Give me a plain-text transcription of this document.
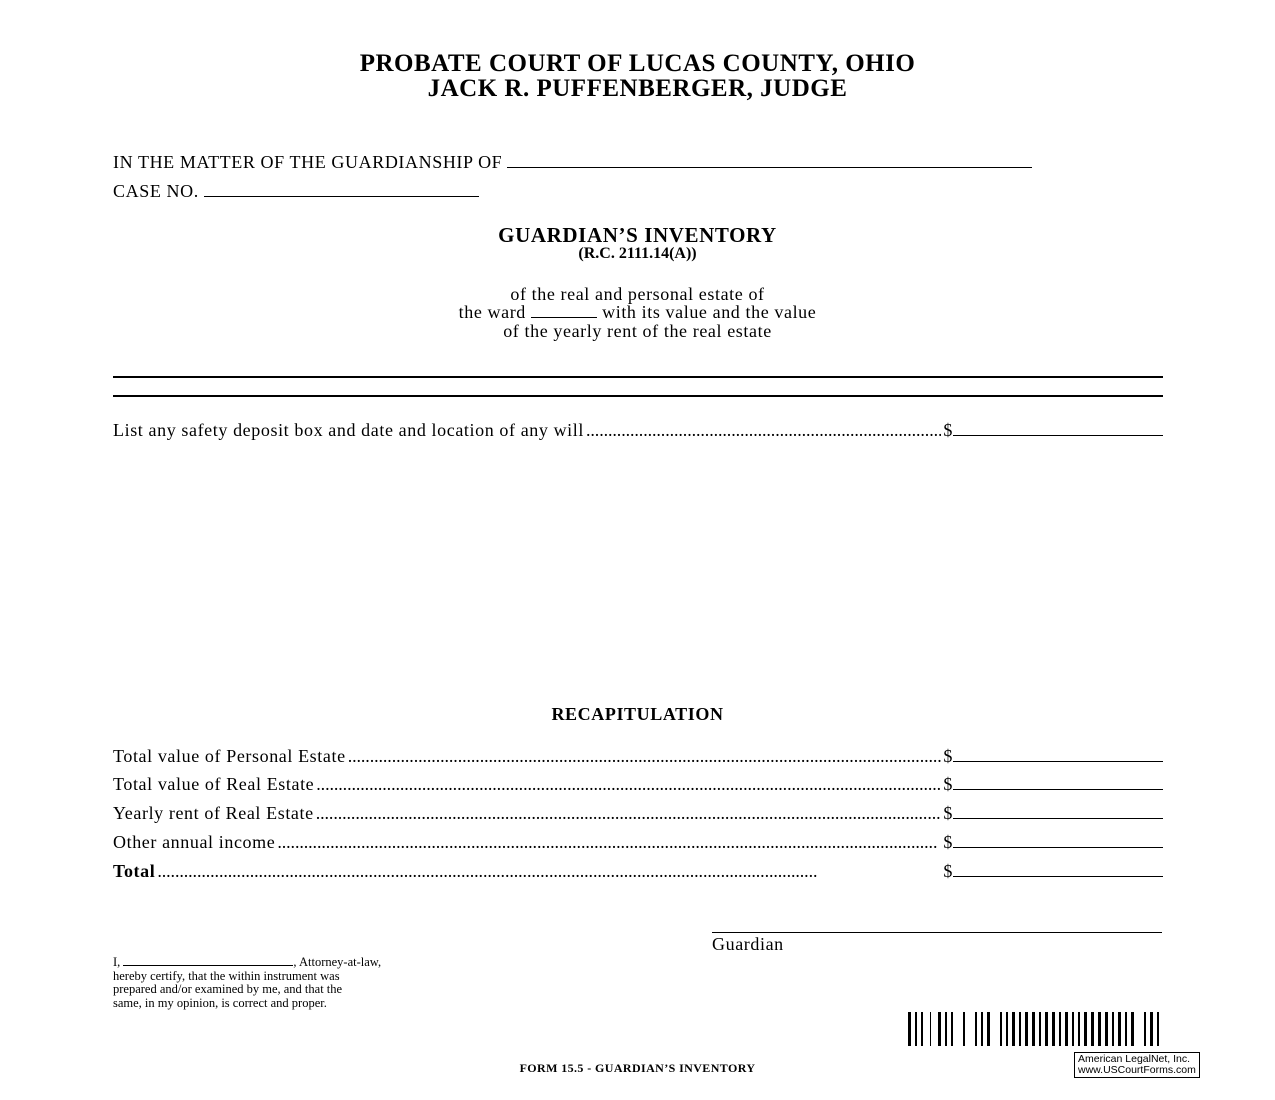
PROBATE COURT OF LUCAS COUNTY, OHIO
JACK R. PUFFENBERGER, JUDGE
IN THE MATTER OF THE GUARDIANSHIP OF
CASE NO.
GUARDIAN’S INVENTORY
(R.C. 2111.14(A))
of the real and personal estate of
the ward	with its value and the value
of the yearly rent of the real estate
List any safety deposit box and date and location of any will . . .	$
RECAPITULATION
Total value of Personal Estate . . .	$
Total value of Real Estate . . .	$
Yearly rent of Real Estate . . .	$
Other annual income . . .	$
Total . . .	$
Guardian
I,	, Attorney-at-law,
hereby certify, that the within instrument was
prepared and/or examined by me, and that the
same, in my opinion, is correct and proper.
FORM 15.5 - GUARDIAN’S INVENTORY
American LegalNet, Inc.
www.USCourtForms.com
